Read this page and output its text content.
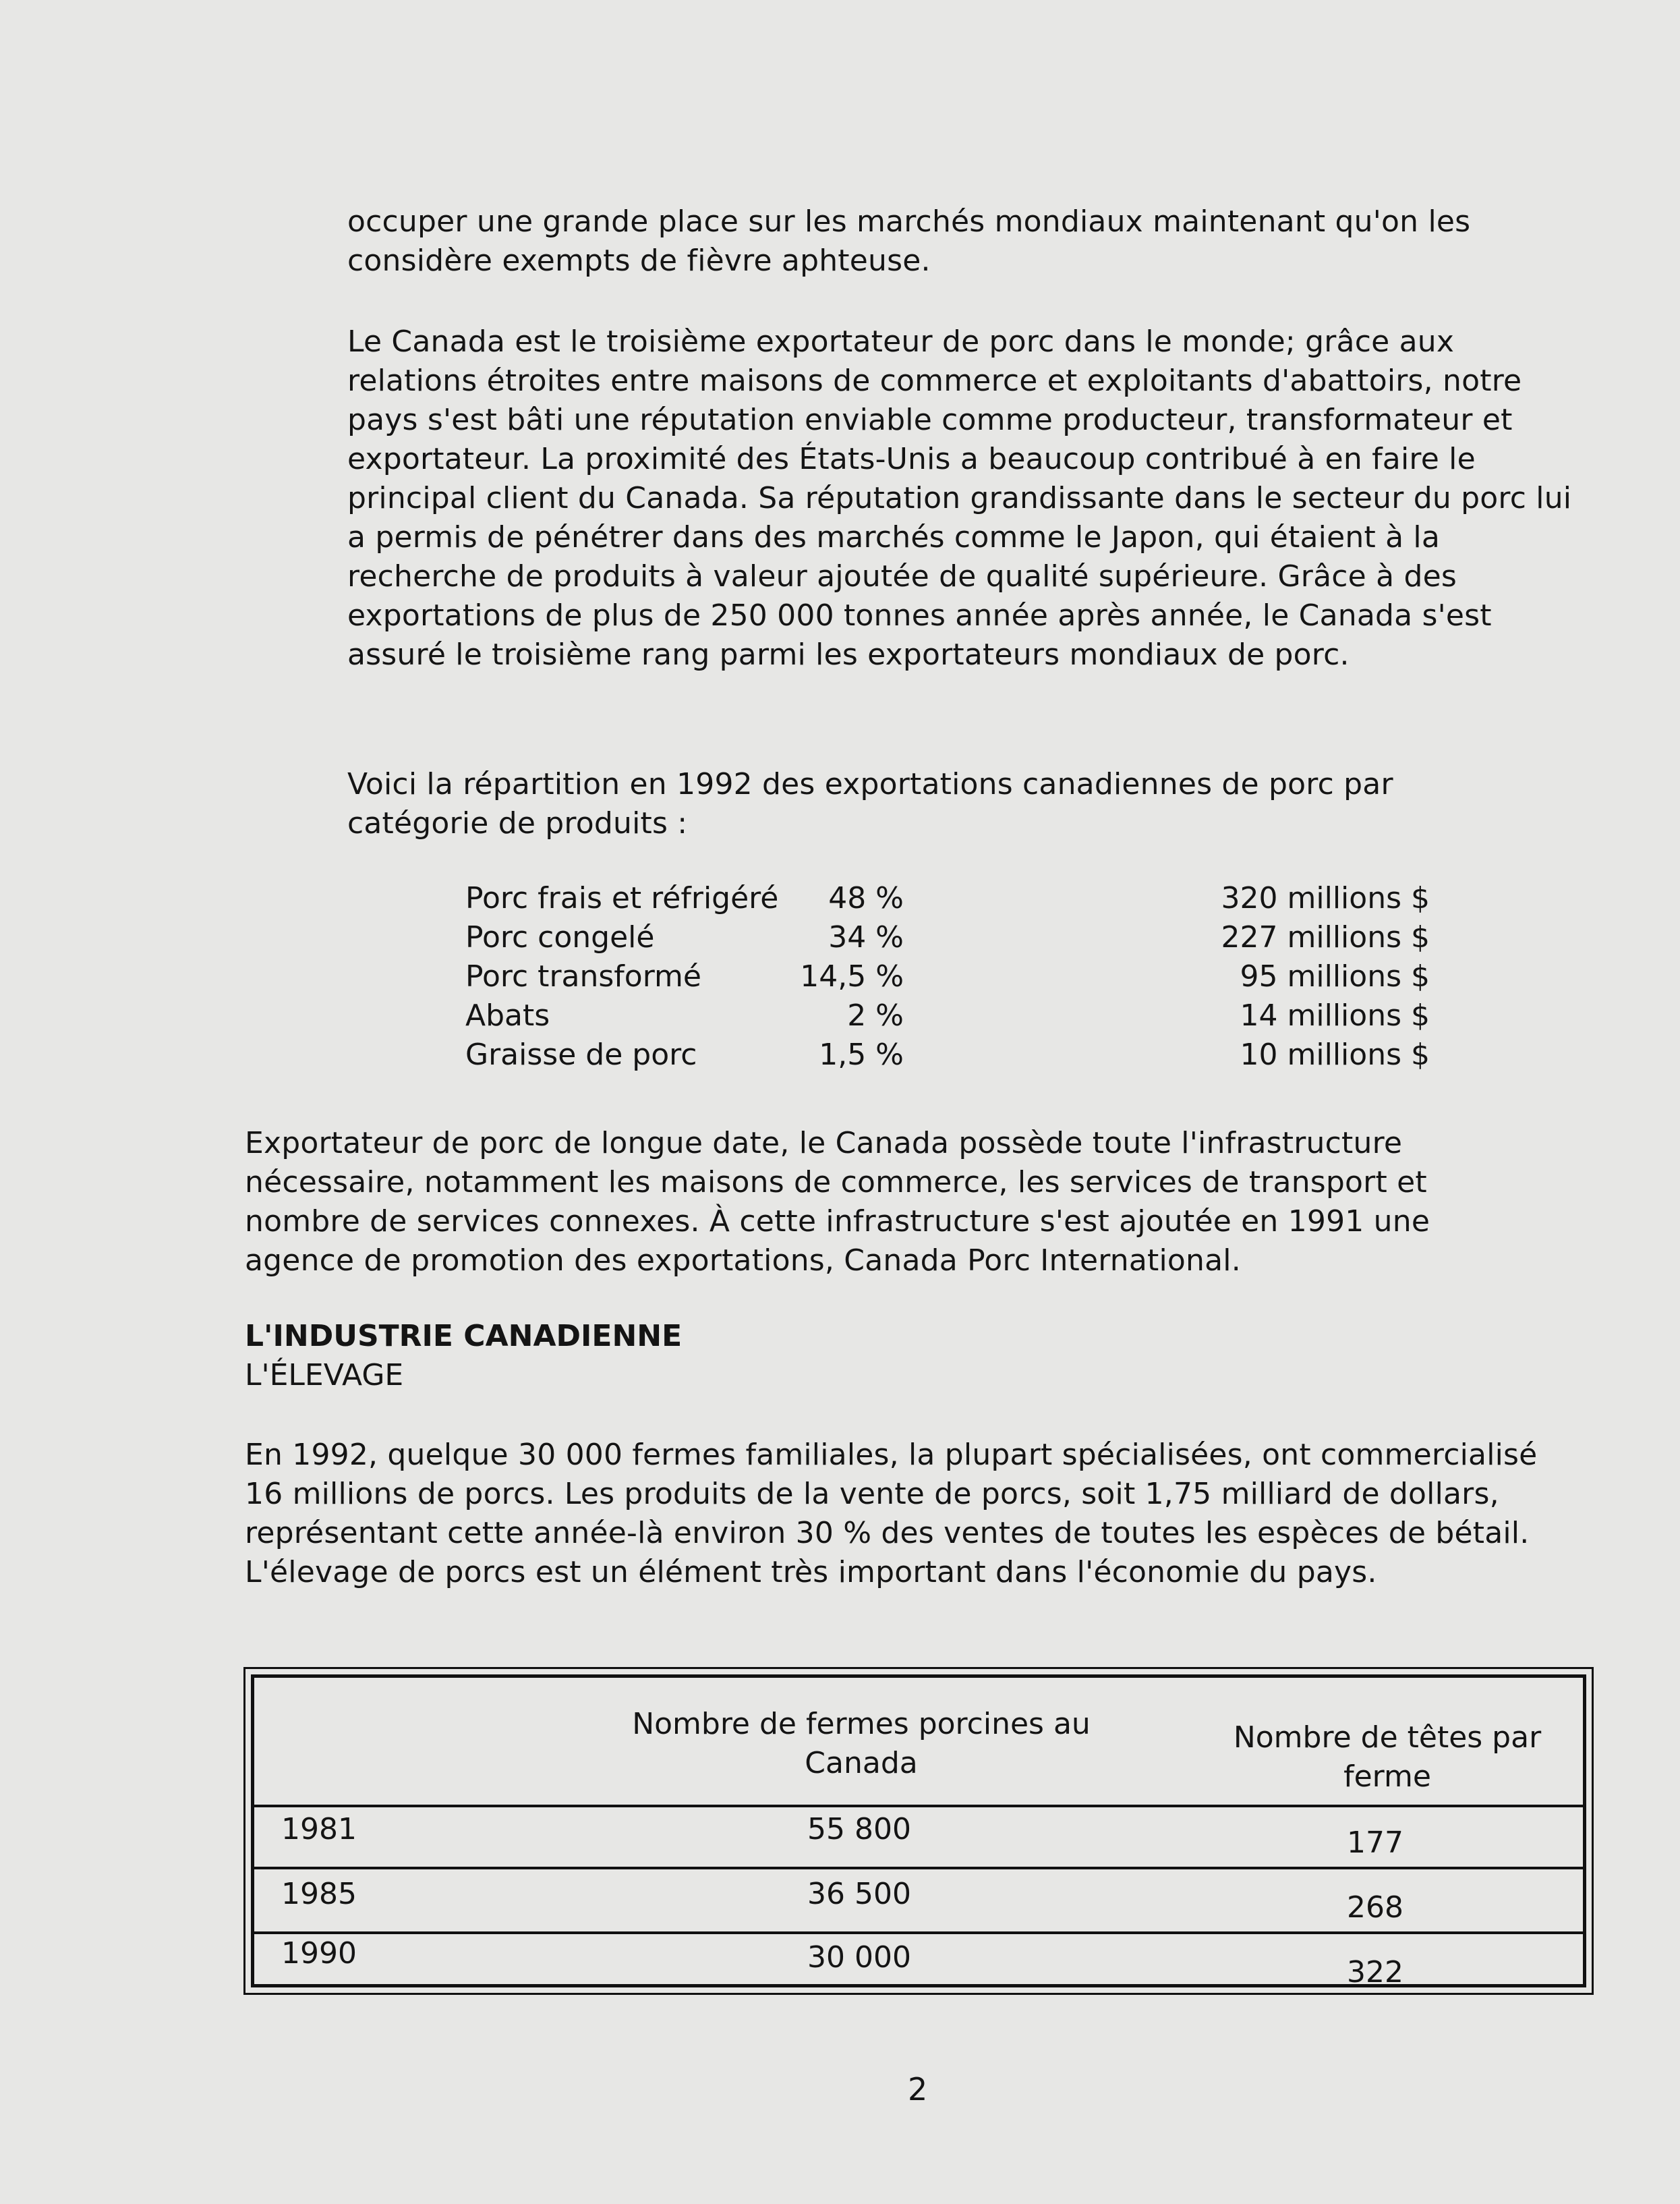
occuper une grande place sur les marchés mondiaux maintenant qu'on les considère exempts de fièvre aphteuse.

Le Canada est le troisième exportateur de porc dans le monde; grâce aux relations étroites entre maisons de commerce et exploitants d'abattoirs, notre pays s'est bâti une réputation enviable comme producteur, transformateur et exportateur. La proximité des États-Unis a beaucoup contribué à en faire le principal client du Canada. Sa réputation grandissante dans le secteur du porc lui a permis de pénétrer dans des marchés comme le Japon, qui étaient à la recherche de produits à valeur ajoutée de qualité supérieure. Grâce à des exportations de plus de 250 000 tonnes année après année, le Canada s'est assuré le troisième rang parmi les exportateurs mondiaux de porc.

Voici la répartition en 1992 des exportations canadiennes de porc par catégorie de produits :

Porc frais et réfrigéré 48 %	320 millions $
Porc congelé	34 %	227 millions $
Porc transformé	14,5 %	95 millions $
Abats	2 %	14 millions $
Graisse de porc	1,5 %	10 millions $

Exportateur de porc de longue date, le Canada possède toute l'infrastructure nécessaire, notamment les maisons de commerce, les services de transport et nombre de services connexes. À cette infrastructure s'est ajoutée en 1991 une agence de promotion des exportations, Canada Porc International.

L'INDUSTRIE CANADIENNE
L'ÉLEVAGE

En 1992, quelque 30 000 fermes familiales, la plupart spécialisées, ont commercialisé 16 millions de porcs. Les produits de la vente de porcs, soit 1,75 milliard de dollars, représentant cette année-là environ 30 % des ventes de toutes les espèces de bétail. L'élevage de porcs est un élément très important dans l'économie du pays.

Nombre de fermes porcines au Canada
Nombre de têtes par ferme
1981	55 800	177
1985	36 500	268
1990	30 000	322
2
